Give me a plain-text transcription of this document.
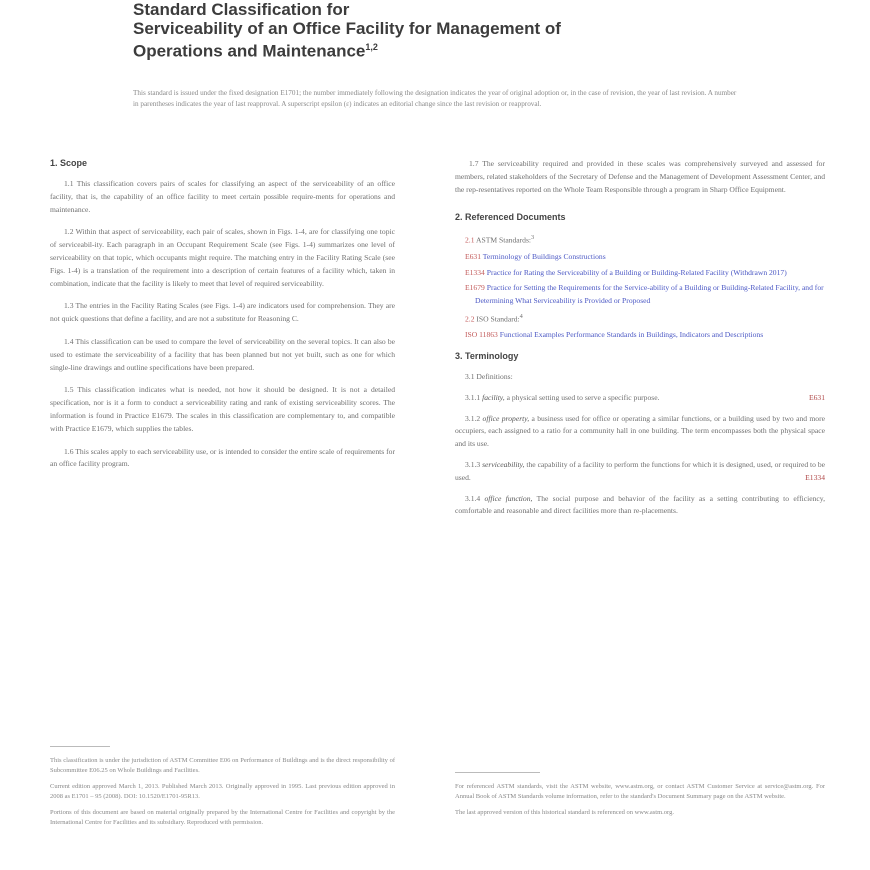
Standard Classification for
Serviceability of an Office Facility for Management of
Operations and Maintenance$^{1,2}$
This standard is issued under the fixed designation E1701; the number immediately following the designation indicates the year of original adoption or, in the case of revision, the year of last revision. A number in parentheses indicates the year of last reapproval. A superscript epsilon (ε) indicates an editorial change since the last revision or reapproval.
1. Scope
1.1 This classification covers pairs of scales for classifying an aspect of the serviceability of an office facility, that is, the capability of an office facility to meet certain possible require-ments for operations and maintenance.
1.2 Within that aspect of serviceability, each pair of scales, shown in Figs. 1-4, are for classifying one topic of serviceabil-ity. Each paragraph in an Occupant Requirement Scale (see Figs. 1-4) summarizes one level of serviceability on that topic, which occupants might require. The matching entry in the Facility Rating Scale (see Figs. 1-4) is a translation of the requirement into a description of certain features of a facility which, taken in combination, indicate that the facility is likely to meet that level of required serviceability.
1.3 The entries in the Facility Rating Scales (see Figs. 1-4) are indicators used for comprehension. They are not quick questions that define a facility, and are not a substitute for Reasoning C.
1.4 This classification can be used to compare the level of serviceability on the several topics. It can also be used to estimate the serviceability of a facility that has been planned but not yet built, such as one for which single-line drawings and outline specifications have been prepared.
1.5 This classification indicates what is needed, not how it should be designed. It is not a detailed specification, nor is it a form to conduct a serviceability rating and rank of existing serviceability scores. The information is found in Practice E1679. The scales in this classification are complementary to, and compatible with Practice E1679, which supplies the tables.
1.6 This scales apply to each serviceability use, or is intended to consider the entire scale of requirements for an office facility program.
This classification is under the jurisdiction of ASTM Committee E06 on Performance of Buildings and is the direct responsibility of Subcommittee E06.25 on Whole Buildings and Facilities.
Current edition approved March 1, 2013. Published March 2013. Originally approved in 1995. Last previous edition approved in 2008 as E1701 – 95 (2008). DOI: 10.1520/E1701-95R13.
Portions of this document are based on material originally prepared by the International Centre for Facilities and copyright by the International Centre for Facilities and its subsidiary. Reproduced with permission.
1.7 The serviceability required and provided in these scales was comprehensively surveyed and assessed for members, related stakeholders of the Secretary of Defense and the Management of Development Assessment Center, and the rep-resentatives reported on the Whole Team Responsible through a program in Sharp Office Equipment.
2. Referenced Documents
2.1 ASTM Standards:$^3$
E631 Terminology of Buildings Constructions
E1334 Practice for Rating the Serviceability of a Building or Building-Related Facility (Withdrawn 2017)
E1679 Practice for Setting the Requirements for the Service-ability of a Building or Building-Related Facility, and for Determining What Serviceability is Provided or Proposed
2.2 ISO Standard:$^4$
ISO 11863 Functional Examples Performance Standards in Buildings, Indicators and Descriptions
3. Terminology
3.1 Definitions:
3.1.1 facility, a physical setting used to serve a specific purpose.	E631
3.1.2 office property, a business used for office or operating a similar functions, or a building used by two and more occupiers, each assigned to a ratio for a community hall in one building. The term encompasses both the physical space and its use.
3.1.3 serviceability, the capability of a facility to perform the functions for which it is designed, used, or required to be used.	E1334
3.1.4 office function, The social purpose and behavior of the facility as a setting contributing to efficiency, comfortable and reasonable and direct facilities more than re-placements.
For referenced ASTM standards, visit the ASTM website, www.astm.org, or contact ASTM Customer Service at service@astm.org. For Annual Book of ASTM Standards volume information, refer to the standard's Document Summary page on the ASTM website.
The last approved version of this historical standard is referenced on www.astm.org.
